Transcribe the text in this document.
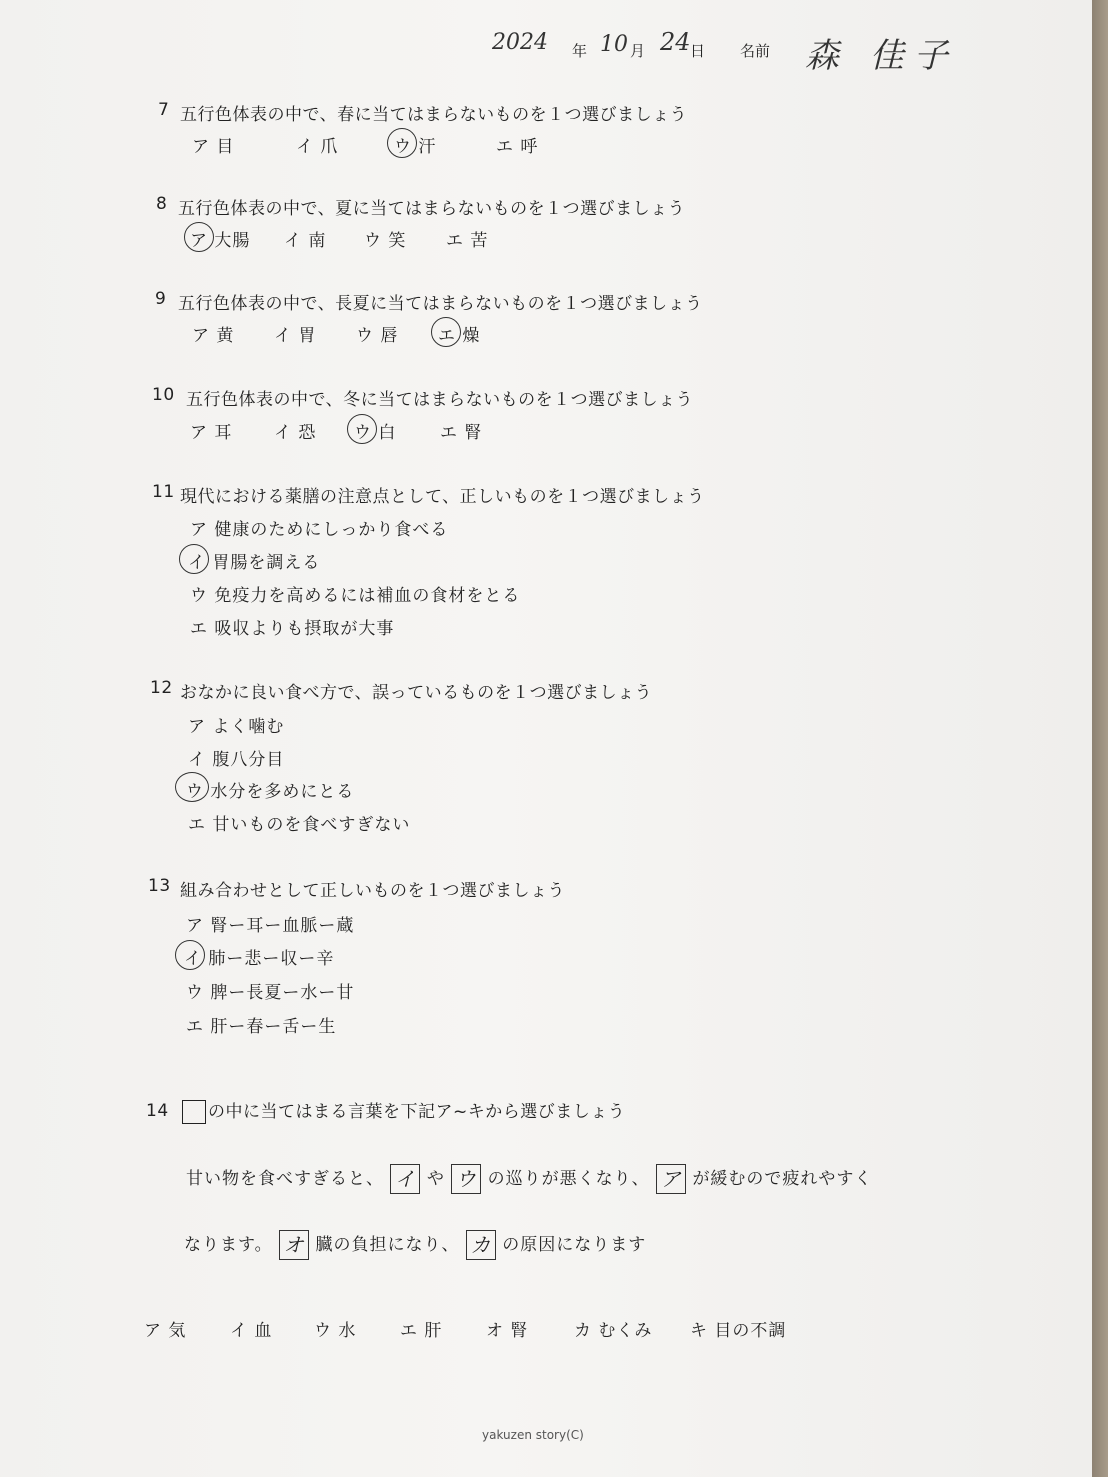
2024 年 10 月 24 日 名前 森 佳子
7 五行色体表の中で、春に当てはまらないものを１つ選びましょう
ア 目	イ 爪	ウ 汗	エ 呼
8 五行色体表の中で、夏に当てはまらないものを１つ選びましょう
ア 大腸 イ 南 ウ 笑 エ 苦
9 五行色体表の中で、長夏に当てはまらないものを１つ選びましょう
ア 黄 イ 胃 ウ 唇 エ 燥
10 五行色体表の中で、冬に当てはまらないものを１つ選びましょう
ア 耳 イ 恐 ウ 白	エ 腎
11 現代における薬膳の注意点として、正しいものを１つ選びましょう
ア 健康のためにしっかり食べる
イ 胃腸を調える
ウ 免疫力を高めるには補血の食材をとる
エ 吸収よりも摂取が大事
12 おなかに良い食べ方で、誤っているものを１つ選びましょう
ア よく噛む
イ 腹八分目
ウ 水分を多めにとる
エ 甘いものを食べすぎない
13 組み合わせとして正しいものを１つ選びましょう
ア 腎ー耳ー血脈ー蔵
イ 肺ー悲ー収ー辛
ウ 脾ー長夏ー水ー甘
エ 肝ー春ー舌ー生
14	の中に当てはまる言葉を下記ア~キから選びましょう
甘い物を食べすぎると、 イ や ウ の巡りが悪くなり、 ア が緩むので疲れやすく
なります。 オ 臓の負担になり、 カ の原因になります
ア 気	イ 血 ウ 水	エ 肝	オ 腎	カ むくみ キ 目の不調
yakuzen story(C)
